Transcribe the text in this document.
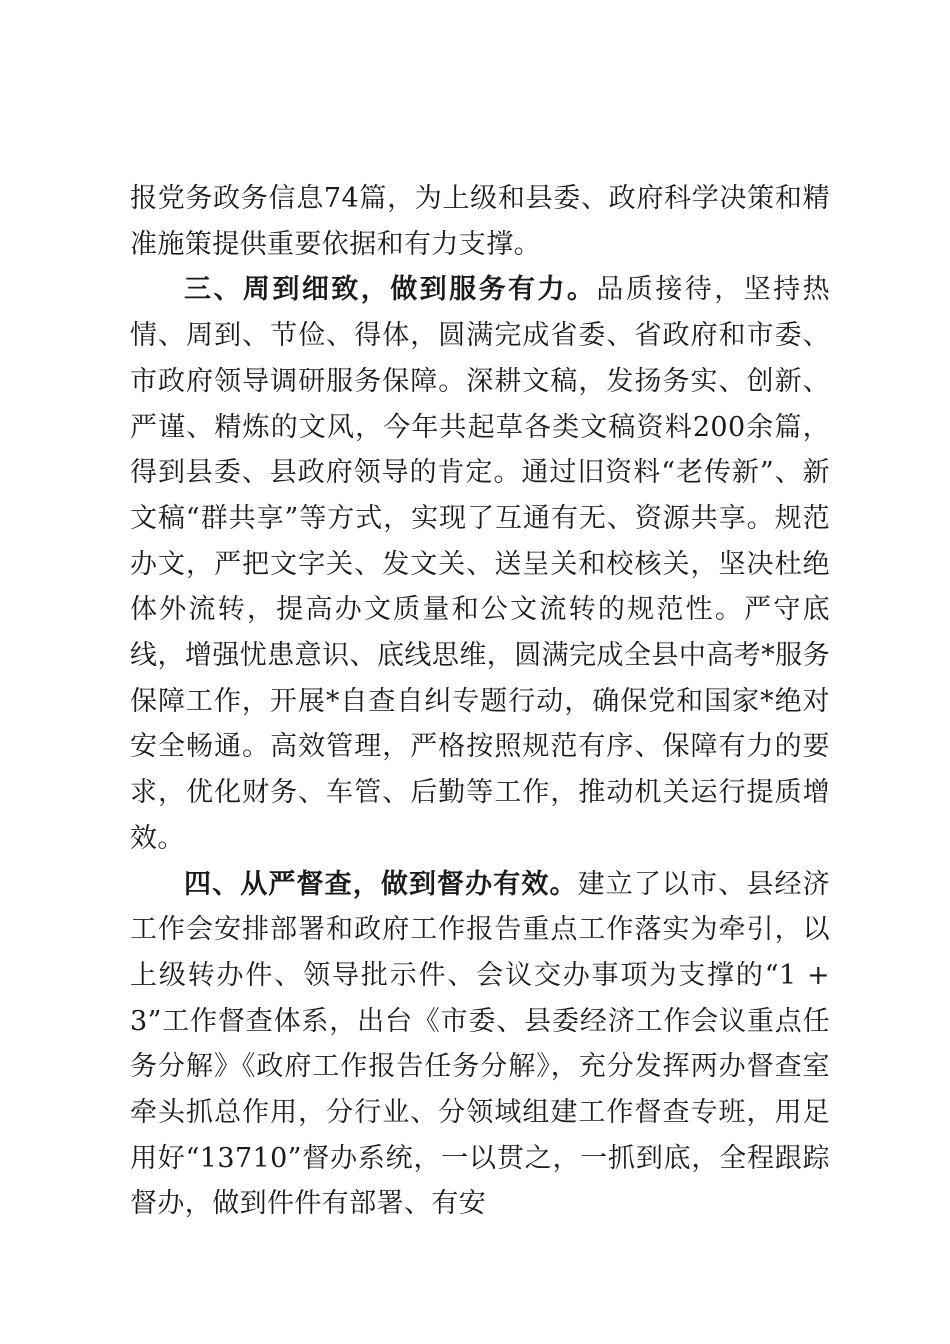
报党务政务信息74篇，为上级和县委、政府科学决策和精准施策提供重要依据和有力支撑。

三、周到细致，做到服务有力。品质接待，坚持热情、周到、节俭、得体，圆满完成省委、省政府和市委、市政府领导调研服务保障。深耕文稿，发扬务实、创新、严谨、精炼的文风，今年共起草各类文稿资料200余篇，得到县委、县政府领导的肯定。通过旧资料“老传新”、新文稿“群共享”等方式，实现了互通有无、资源共享。规范办文，严把文字关、发文关、送呈关和校核关，坚决杜绝体外流转，提高办文质量和公文流转的规范性。严守底线，增强忧患意识、底线思维，圆满完成全县中高考*服务保障工作，开展*自查自纠专题行动，确保党和国家*绝对安全畅通。高效管理，严格按照规范有序、保障有力的要求，优化财务、车管、后勤等工作，推动机关运行提质增效。

四、从严督查，做到督办有效。建立了以市、县经济工作会安排部署和政府工作报告重点工作落实为牵引，以上级转办件、领导批示件、会议交办事项为支撑的“1 + 3”工作督查体系，出台《市委、县委经济工作会议重点任务分解》《政府工作报告任务分解》，充分发挥两办督查室牵头抓总作用，分行业、分领域组建工作督查专班，用足用好“13710”督办系统，一以贯之，一抓到底，全程跟踪督办，做到件件有部署、有安
